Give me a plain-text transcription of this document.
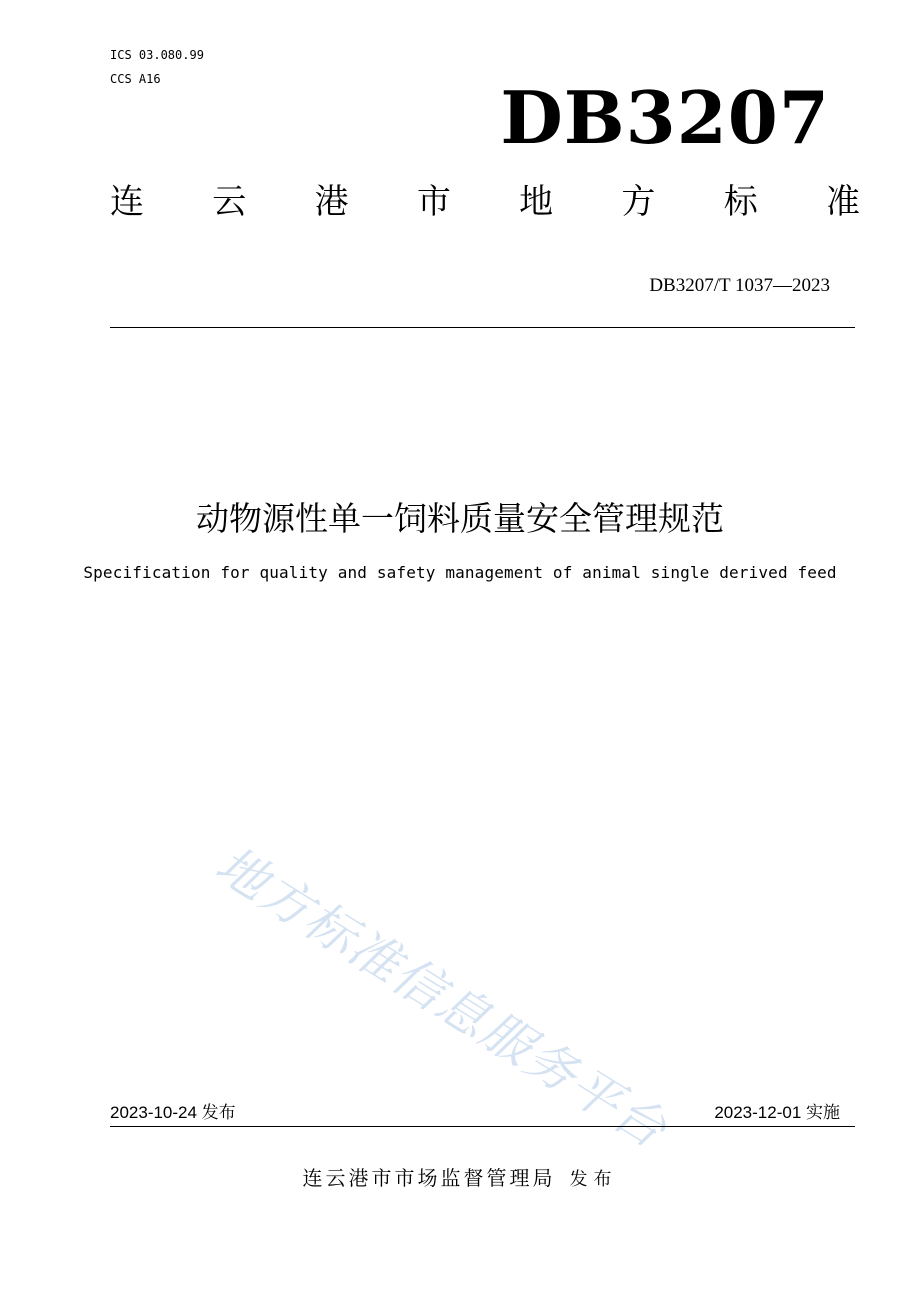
ICS 03.080.99
CCS A16	DB3207
连 云 港 市 地 方 标 准
DB3207/T 1037—2023
动物源性单一饲料质量安全管理规范
Specification for quality and safety management of animal single derived feed
地方标准信息服务平台
2023-10-24 发布	2023-12-01 实施
连云港市市场监督管理局 发布
